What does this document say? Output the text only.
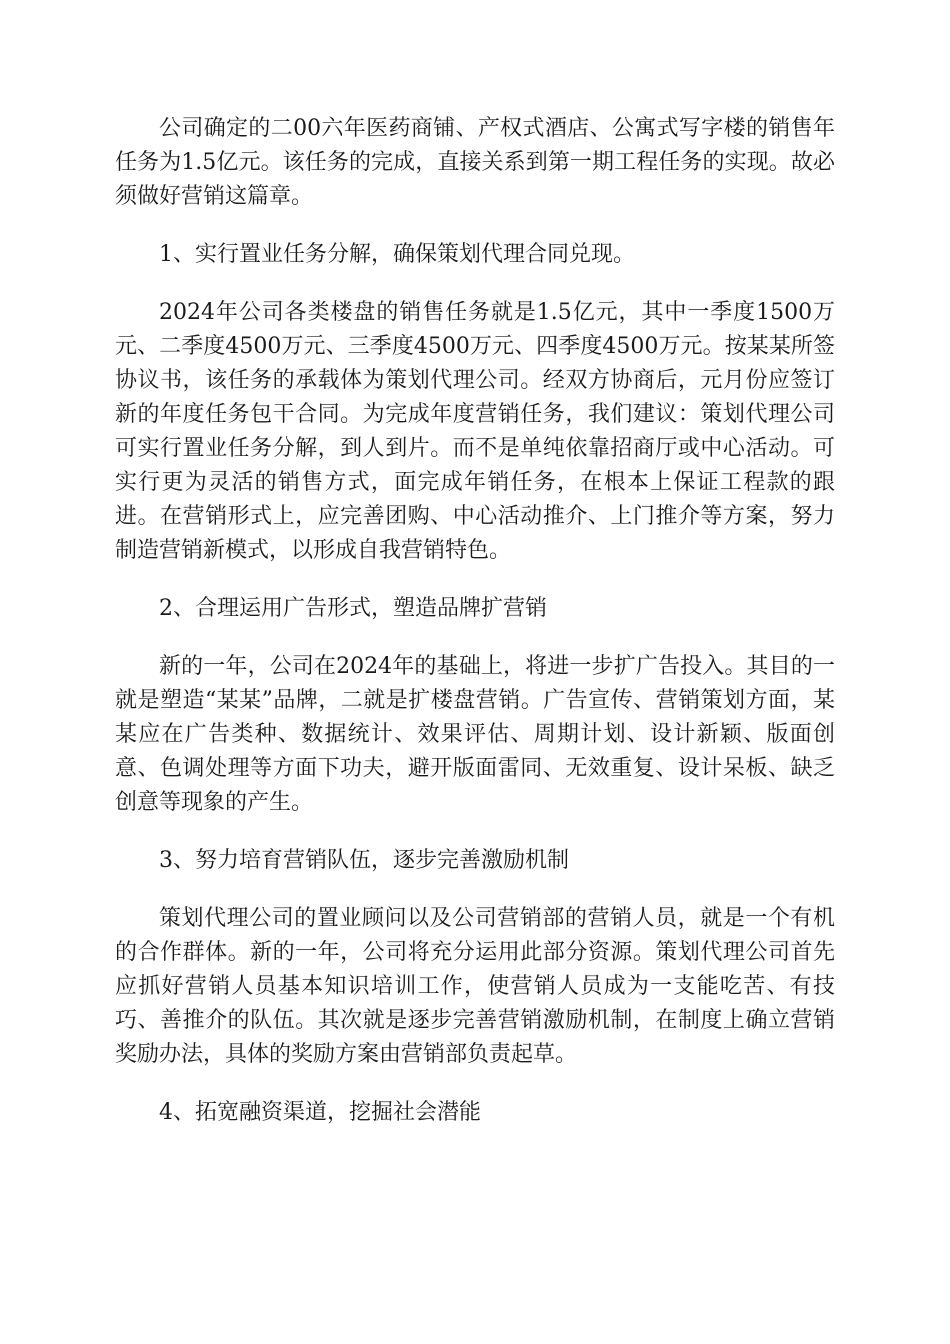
公司确定的二00六年医药商铺、产权式酒店、公寓式写字楼的销售年任务为1.5亿元。该任务的完成，直接关系到第一期工程任务的实现。故必须做好营销这篇章。

1、实行置业任务分解，确保策划代理合同兑现。

2024年公司各类楼盘的销售任务就是1.5亿元，其中一季度1500万元、二季度4500万元、三季度4500万元、四季度4500万元。按某某所签协议书，该任务的承载体为策划代理公司。经双方协商后，元月份应签订新的年度任务包干合同。为完成年度营销任务，我们建议：策划代理公司可实行置业任务分解，到人到片。而不是单纯依靠招商厅或中心活动。可实行更为灵活的销售方式，面完成年销任务，在根本上保证工程款的跟进。在营销形式上，应完善团购、中心活动推介、上门推介等方案，努力制造营销新模式，以形成自我营销特色。

2、合理运用广告形式，塑造品牌扩营销

新的一年，公司在2024年的基础上，将进一步扩广告投入。其目的一就是塑造“某某”品牌，二就是扩楼盘营销。广告宣传、营销策划方面，某某应在广告类种、数据统计、效果评估、周期计划、设计新颖、版面创意、色调处理等方面下功夫，避开版面雷同、无效重复、设计呆板、缺乏创意等现象的产生。

3、努力培育营销队伍，逐步完善激励机制

策划代理公司的置业顾问以及公司营销部的营销人员，就是一个有机的合作群体。新的一年，公司将充分运用此部分资源。策划代理公司首先应抓好营销人员基本知识培训工作，使营销人员成为一支能吃苦、有技巧、善推介的队伍。其次就是逐步完善营销激励机制，在制度上确立营销奖励办法，具体的奖励方案由营销部负责起草。

4、拓宽融资渠道，挖掘社会潜能
